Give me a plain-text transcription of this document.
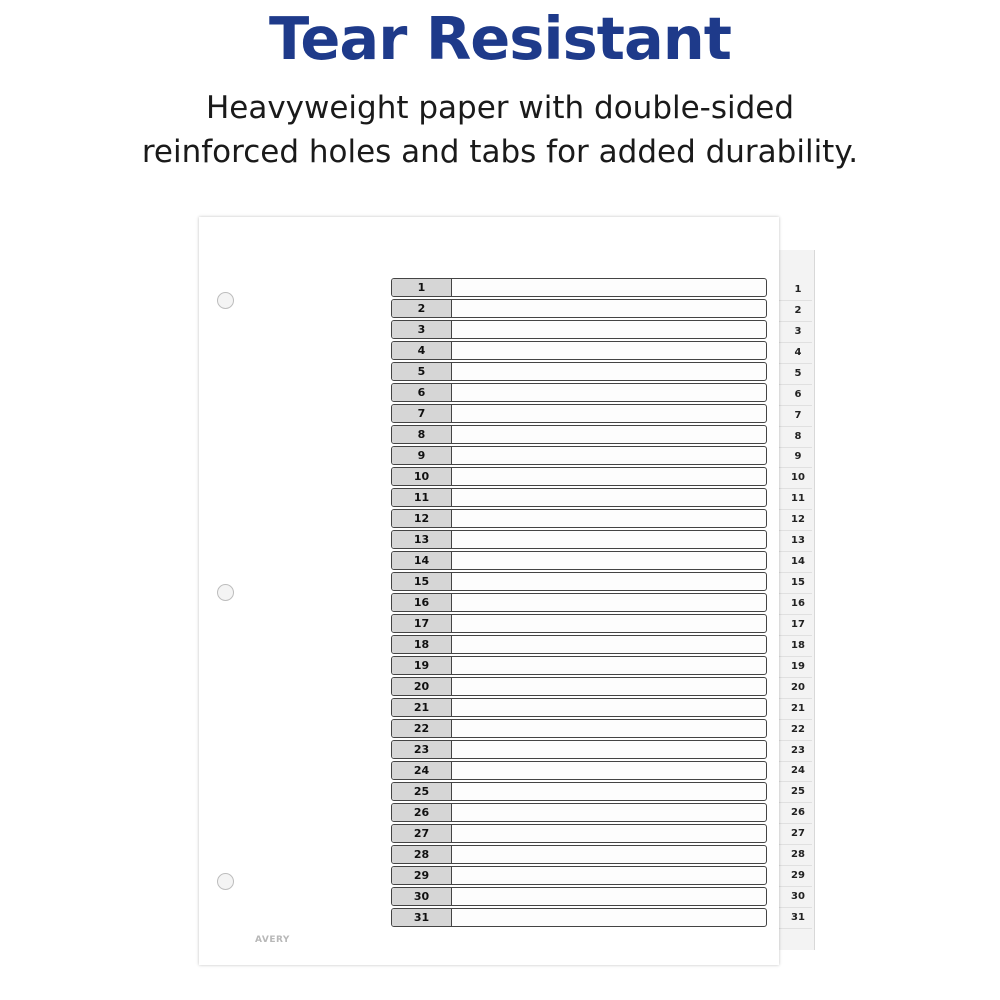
Tear Resistant

Heavyweight paper with double-sided
reinforced holes and tabs for added durability.

1
2
3
4
5
6
7
8
9
10
11
12
13
14
15
16
17
18
19
20
21
22
23
24
25
26
27
28
29
30
31
1
2
3
4
5
6
7
8
9
10
11
12
13
14
15
16
17
18
19
20
21
22
23
24
25
26
27
28
29
30
31
AVERY
